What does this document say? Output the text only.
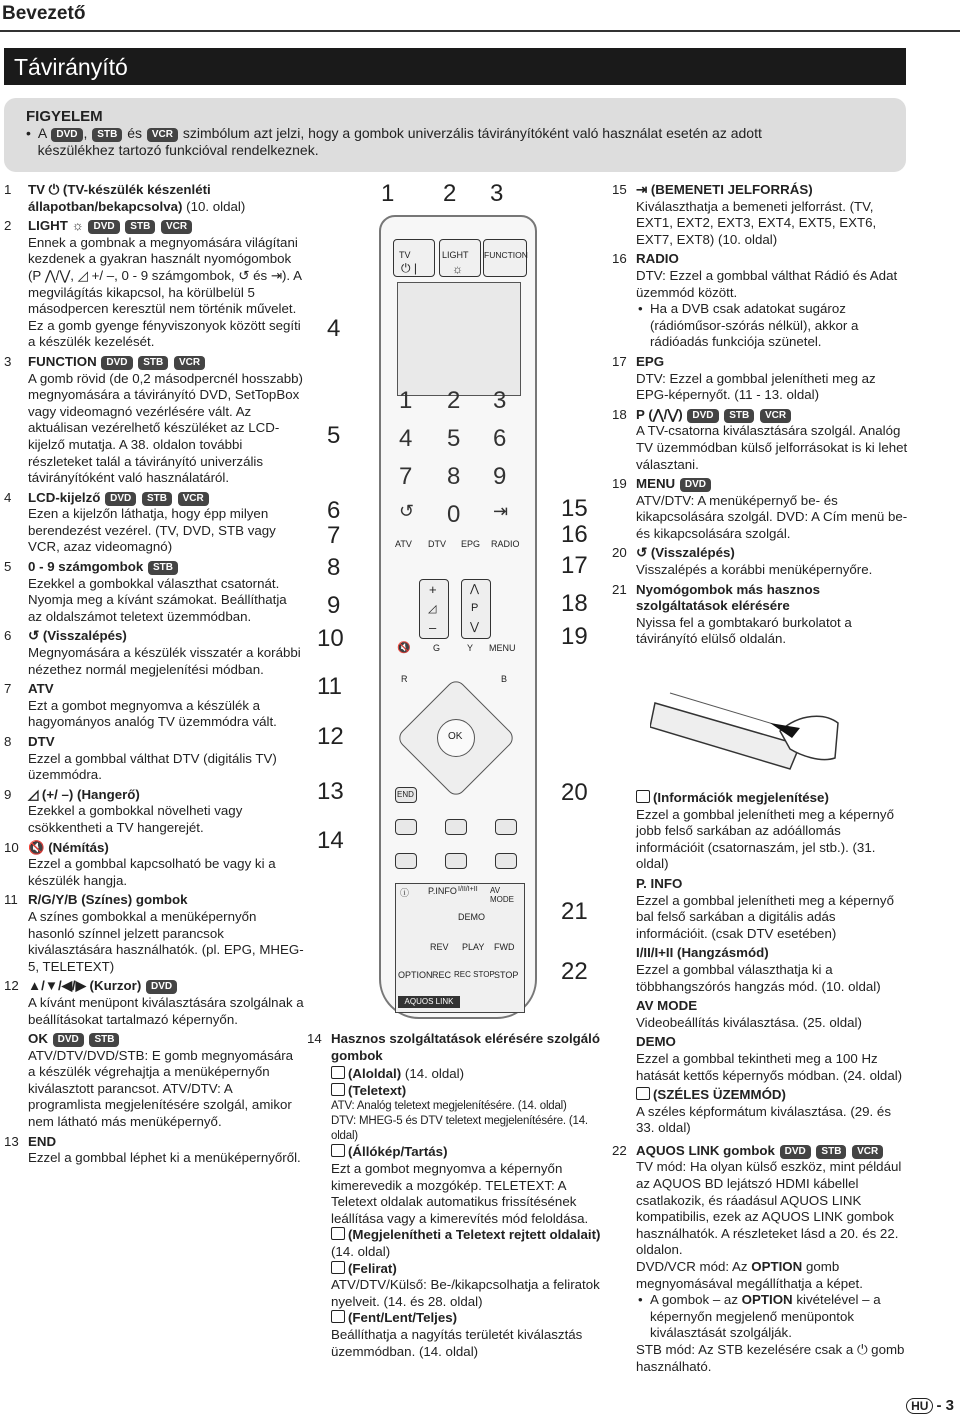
Bevezető
Távirányító
FIGYELEM
•  A DVD , STB és VCR szimbólum azt jelzi, hogy a gombok univerzális távirányítóként való használat esetén az adott
készülékhez tartozó funkcióval rendelkeznek.
1 TV ⏻ (TV-készülék készenléti állapotban/bekapcsolva) (10. oldal)
2 LIGHT ☼ DVD STB VCR
Ennek a gombnak a megnyomására világítani kezdenek a gyakran használt nyomógombok (P ⋀/⋁, ◿ +/ –, 0 - 9 számgombok, ↺ és ⇥). A megvilágítás kikapcsol, ha körülbelül 5 másodpercen keresztül nem történik művelet. Ez a gomb gyenge fényviszonyok között segíti a készülék kezelését.
3 FUNCTION DVD STB VCR
A gomb rövid (de 0,2 másodpercnél hosszabb) megnyomására a távirányító DVD, SetTopBox vagy videomagnó vezérlésére vált. Az aktuálisan vezérelhető készüléket az LCD-kijelző mutatja. A 38. oldalon további részleteket talál a távirányító univerzális távirányítóként való használatáról.
4 LCD-kijelző DVD STB VCR
Ezen a kijelzőn láthatja, hogy épp milyen berendezést vezérel. (TV, DVD, STB vagy VCR, azaz videomagnó)
5 0 - 9 számgombok STB
Ezekkel a gombokkal választhat csatornát. Nyomja meg a kívánt számokat. Beállíthatja az oldalszámot teletext üzemmódban.
6 ↺ (Visszalépés)
Megnyomására a készülék visszatér a korábbi nézethez normál megjelenítési módban.
7 ATV
Ezt a gombot megnyomva a készülék a hagyományos analóg TV üzemmódra vált.
8 DTV
Ezzel a gombbal válthat DTV (digitális TV) üzemmódra.
9 ◿ (+/ –) (Hangerő)
Ezekkel a gombokkal növelheti vagy csökkentheti a TV hangerejét.
10 🔇 (Némítás)
Ezzel a gombbal kapcsolható be vagy ki a készülék hangja.
11 R/G/Y/B (Színes) gombok
A színes gombokkal a menüképernyőn hasonló színnel jelzett parancsok kiválasztására használhatók. (pl. EPG, MHEG-5, TELETEXT)
12 ▲/▼/◀/▶ (Kurzor) DVD
A kívánt menüpont kiválasztására szolgálnak a beállításokat tartalmazó képernyőn.
OK DVD STB
ATV/DTV/DVD/STB: E gomb megnyomására a készülék végrehajtja a menüképernyőn kiválasztott parancsot. ATV/DTV: A programlista megjelenítésére szolgál, amikor nem látható más menüképernyő.
13 END
Ezzel a gombbal léphet ki a menüképernyőről.
TV
⏻ |
LIGHT
☼
FUNCTION
1 2 3
4 5 6
7 8 9
↺ 0 ⇥
ATV DTV EPG RADIO
+
◿
–
⋀
P
⋁
🔇 G	Y MENU
R	B
OK
END
ⓘ P.INFO I/II/I+II AV MODE
DEMO
REV PLAY FWD
OPTION REC REC STOP STOP
AQUOS LINK
1 2 3
4
5
6
7
8
9
10
11
12
13
14
15
16
17
18
19
20
21
22
14 Hasznos szolgáltatások elérésére szolgáló gombok
(Aloldal) (14. oldal)
(Teletext)
ATV: Analóg teletext megjelenítésére. (14. oldal)
DTV: MHEG-5 és DTV teletext megjelenítésére. (14. oldal)
(Állókép/Tartás)
Ezt a gombot megnyomva a képernyőn kimerevedik a mozgókép. TELETEXT: A Teletext oldalak automatikus frissítésének leállítása vagy a kimerevítés mód feloldása.
(Megjelenítheti a Teletext rejtett oldalait) (14. oldal)
(Felirat)
ATV/DTV/Külső: Be-/kikapcsolhatja a feliratok nyelveit. (14. és 28. oldal)
(Fent/Lent/Teljes)
Beállíthatja a nagyítás területét kiválasztás üzemmódban. (14. oldal)
15 ⇥ (BEMENETI JELFORRÁS)
Kiválaszthatja a bemeneti jelforrást. (TV, EXT1, EXT2, EXT3, EXT4, EXT5, EXT6, EXT7, EXT8) (10. oldal)
16 RADIO
DTV: Ezzel a gombbal válthat Rádió és Adat üzemmód között.
• Ha a DVB csak adatokat sugároz (rádióműsor-szórás nélkül), akkor a rádióadás funkciója szünetel.
17 EPG
DTV: Ezzel a gombbal jelenítheti meg az EPG-képernyőt. (11 - 13. oldal)
18 P (⋀/⋁) DVD STB VCR
A TV-csatorna kiválasztására szolgál. Analóg TV üzemmódban külső jelforrásokat is ki lehet választani.
19 MENU DVD
ATV/DTV: A menüképernyő be- és kikapcsolására szolgál. DVD: A Cím menü be- és kikapcsolására szolgál.
20 ↺ (Visszalépés)
Visszalépés a korábbi menüképernyőre.
21 Nyomógombok más hasznos szolgáltatások elérésére
Nyissa fel a gombtakaró burkolatot a távirányító elülső oldalán.
(Információk megjelenítése)
Ezzel a gombbal jelenítheti meg a képernyő jobb felső sarkában az adóállomás információit (csatornaszám, jel stb.). (31. oldal)
P. INFO
Ezzel a gombbal jelenítheti meg a képernyő bal felső sarkában a digitális adás információit. (csak DTV esetében)
I/II/I+II (Hangzásmód)
Ezzel a gombbal választhatja ki a többhangszórós hangzás mód. (10. oldal)
AV MODE
Videobeállítás kiválasztása. (25. oldal)
DEMO
Ezzel a gombbal tekintheti meg a 100 Hz hatását kettős képernyős módban. (24. oldal)
(SZÉLES ÜZEMMÓD)
A széles képformátum kiválasztása. (29. és 33. oldal)
22 AQUOS LINK gombok DVD STB VCR
TV mód: Ha olyan külső eszköz, mint például az AQUOS BD lejátszó HDMI kábellel csatlakozik, és ráadásul AQUOS LINK kompatibilis, ezek az AQUOS LINK gombok használhatók. A részleteket lásd a 20. és 22. oldalon.
DVD/VCR mód: Az OPTION gomb megnyomásával megállíthatja a képet.
• A gombok – az OPTION kivételével – a képernyőn megjelenő menüpontok kiválasztását szolgálják.
STB mód: Az STB kezelésére csak a ⏻ gomb használható.
HU - 3
